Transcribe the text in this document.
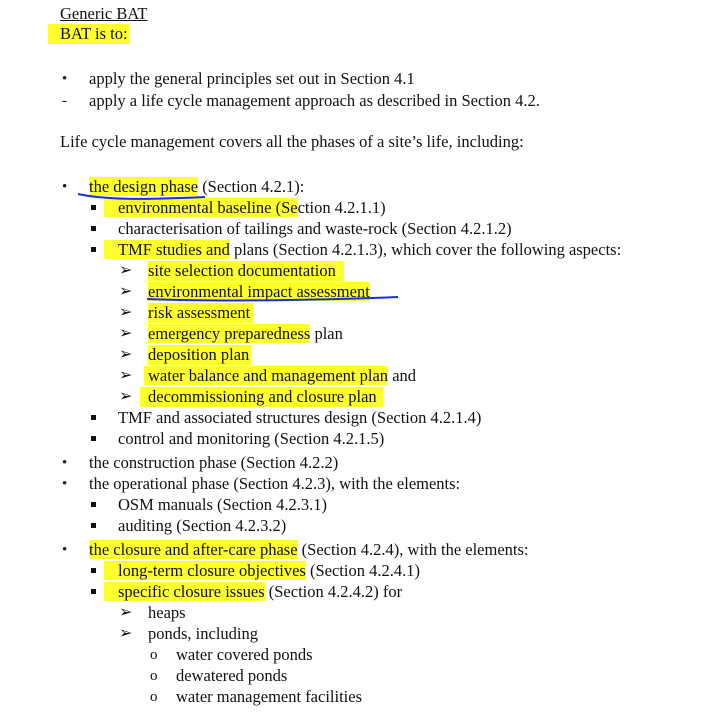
Generic BAT
BAT is to:
• apply the general principles set out in Section 4.1
- apply a life cycle management approach as described in Section 4.2.
Life cycle management covers all the phases of a site’s life, including:
• the design phase (Section 4.2.1):
environmental baseline (Section 4.2.1.1)
characterisation of tailings and waste-rock (Section 4.2.1.2)
TMF studies and plans (Section 4.2.1.3), which cover the following aspects:
➢ site selection documentation
➢ environmental impact assessment
➢ risk assessment
➢ emergency preparedness plan
➢ deposition plan
➢ water balance and management plan and
➢ decommissioning and closure plan
TMF and associated structures design (Section 4.2.1.4)
control and monitoring (Section 4.2.1.5)
• the construction phase (Section 4.2.2)
• the operational phase (Section 4.2.3), with the elements:
OSM manuals (Section 4.2.3.1)
auditing (Section 4.2.3.2)
• the closure and after-care phase (Section 4.2.4), with the elements:
long-term closure objectives (Section 4.2.4.1)
specific closure issues (Section 4.2.4.2) for
➢ heaps
➢ ponds, including
o water covered ponds
o dewatered ponds
o water management facilities
